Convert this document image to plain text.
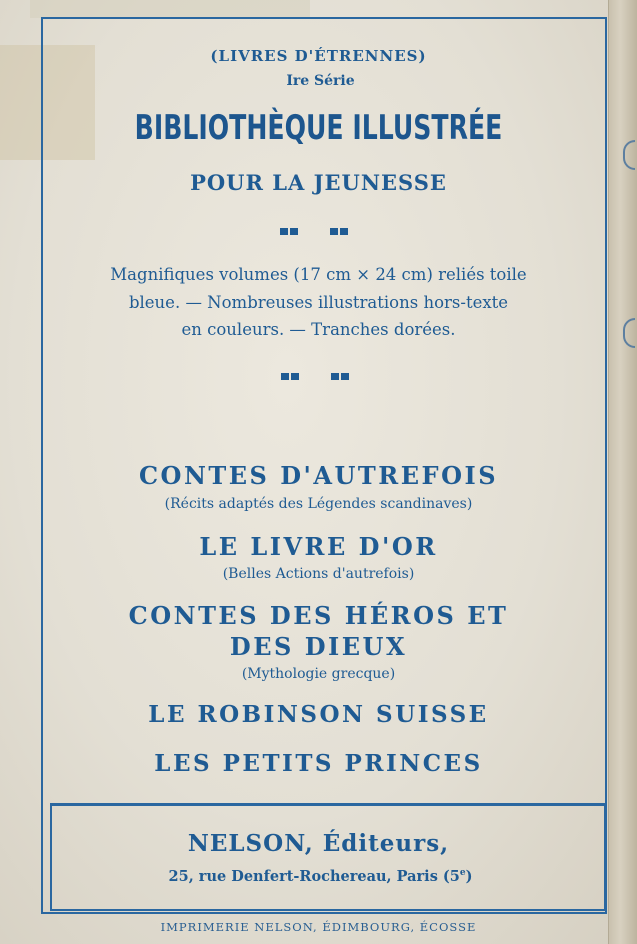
(LIVRES D'ÉTRENNES)
Ire Série
BIBLIOTHÈQUE ILLUSTRÉE
POUR LA JEUNESSE
Magnifiques volumes (17 cm × 24 cm) reliés toile
bleue. — Nombreuses illustrations hors-texte
en couleurs. — Tranches dorées.
CONTES D'AUTREFOIS
(Récits adaptés des Légendes scandinaves)
LE LIVRE D'OR
(Belles Actions d'autrefois)
CONTES DES HÉROS ET
DES DIEUX
(Mythologie grecque)
LE ROBINSON SUISSE
LES PETITS PRINCES
NELSON, Éditeurs,
25, rue Denfert-Rochereau, Paris (5e)
IMPRIMERIE NELSON, ÉDIMBOURG, ÉCOSSE
